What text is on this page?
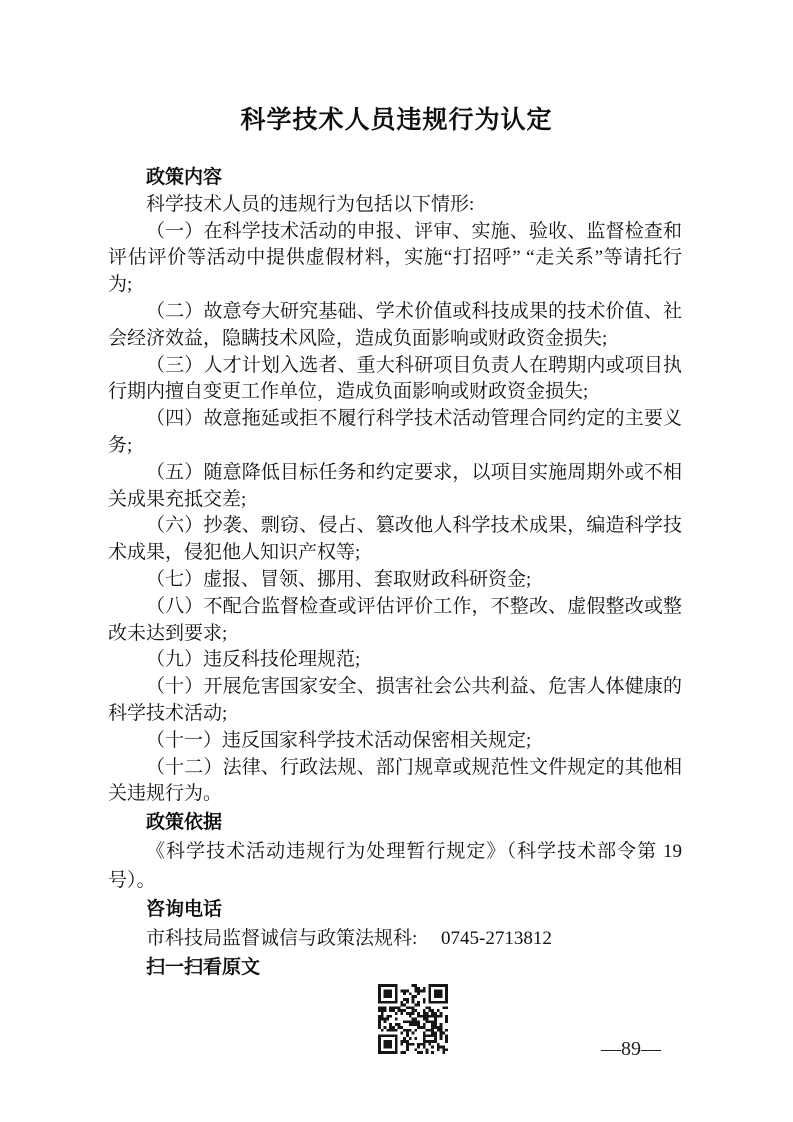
科学技术人员违规行为认定

政策内容

科学技术人员的违规行为包括以下情形:

（一）在科学技术活动的申报、评审、实施、验收、监督检查和评估评价等活动中提供虚假材料，实施“打招呼” “走关系”等请托行为;

（二）故意夸大研究基础、学术价值或科技成果的技术价值、社会经济效益，隐瞒技术风险，造成负面影响或财政资金损失;

（三）人才计划入选者、重大科研项目负责人在聘期内或项目执行期内擅自变更工作单位，造成负面影响或财政资金损失;

（四）故意拖延或拒不履行科学技术活动管理合同约定的主要义务;

（五）随意降低目标任务和约定要求，以项目实施周期外或不相关成果充抵交差;

（六）抄袭、剽窃、侵占、篡改他人科学技术成果，编造科学技术成果，侵犯他人知识产权等;

（七）虚报、冒领、挪用、套取财政科研资金;

（八）不配合监督检查或评估评价工作，不整改、虚假整改或整改未达到要求;

（九）违反科技伦理规范;

（十）开展危害国家安全、损害社会公共利益、危害人体健康的科学技术活动;

（十一）违反国家科学技术活动保密相关规定;

（十二）法律、行政法规、部门规章或规范性文件规定的其他相关违规行为。

政策依据

《科学技术活动违规行为处理暂行规定》（科学技术部令第 19 号）。

咨询电话

市科技局监督诚信与政策法规科:　 0745-2713812

扫一扫看原文

—89—
